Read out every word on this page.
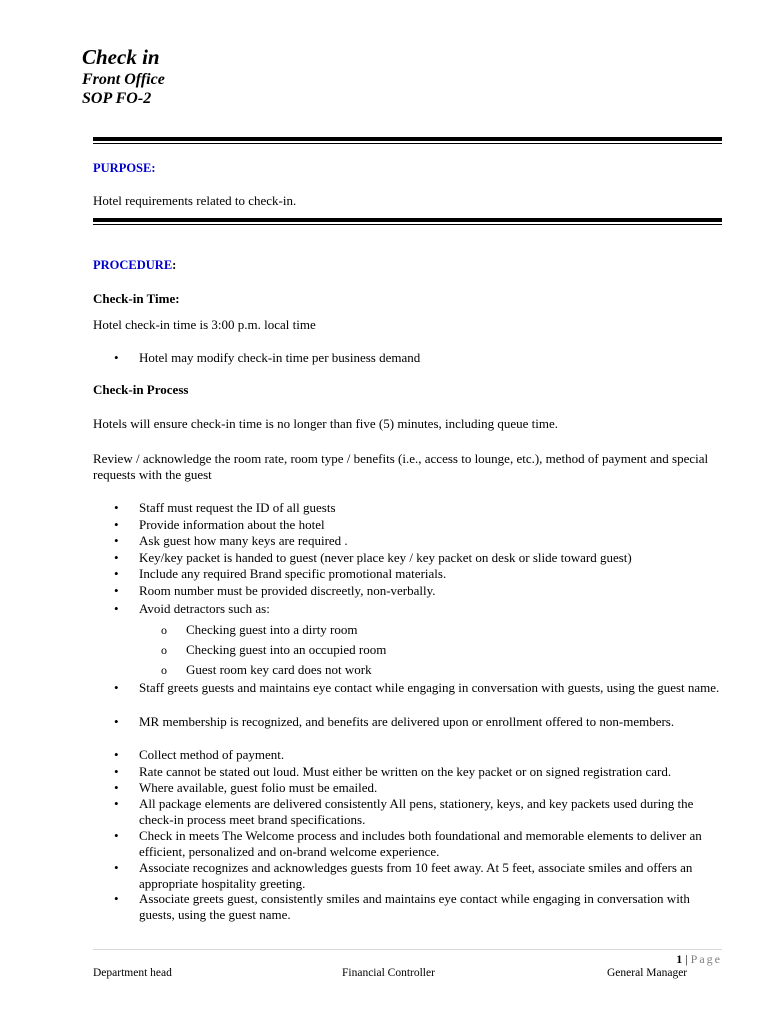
Check in
Front Office
SOP FO-2
PURPOSE:
Hotel requirements related to check-in.
PROCEDURE:
Check-in Time:
Hotel check-in time is 3:00 p.m. local time
• Hotel may modify check-in time per business demand
Check-in Process
Hotels will ensure check-in time is no longer than five (5) minutes, including queue time.
Review / acknowledge the room rate, room type / benefits (i.e., access to lounge, etc.), method of payment and special requests with the guest
• Staff must request the ID of all guests
• Provide information about the hotel
• Ask guest how many keys are required .
• Key/key packet is handed to guest (never place key / key packet on desk or slide toward guest)
• Include any required Brand specific promotional materials.
• Room number must be provided discreetly, non-verbally.
• Avoid detractors such as:
o Checking guest into a dirty room
o Checking guest into an occupied room
o Guest room key card does not work
• Staff greets guests and maintains eye contact while engaging in conversation with guests, using the guest name.
• MR membership is recognized, and benefits are delivered upon or enrollment offered to non-members.
• Collect method of payment.
• Rate cannot be stated out loud. Must either be written on the key packet or on signed registration card.
• Where available, guest folio must be emailed.
• All package elements are delivered consistently All pens, stationery, keys, and key packets used during the check-in process meet brand specifications.
• Check in meets The Welcome process and includes both foundational and memorable elements to deliver an efficient, personalized and on-brand welcome experience.
• Associate recognizes and acknowledges guests from 10 feet away. At 5 feet, associate smiles and offers an appropriate hospitality greeting.
• Associate greets guest, consistently smiles and maintains eye contact while engaging in conversation with guests, using the guest name.
1 | Page
Department head	Financial Controller	General Manager
